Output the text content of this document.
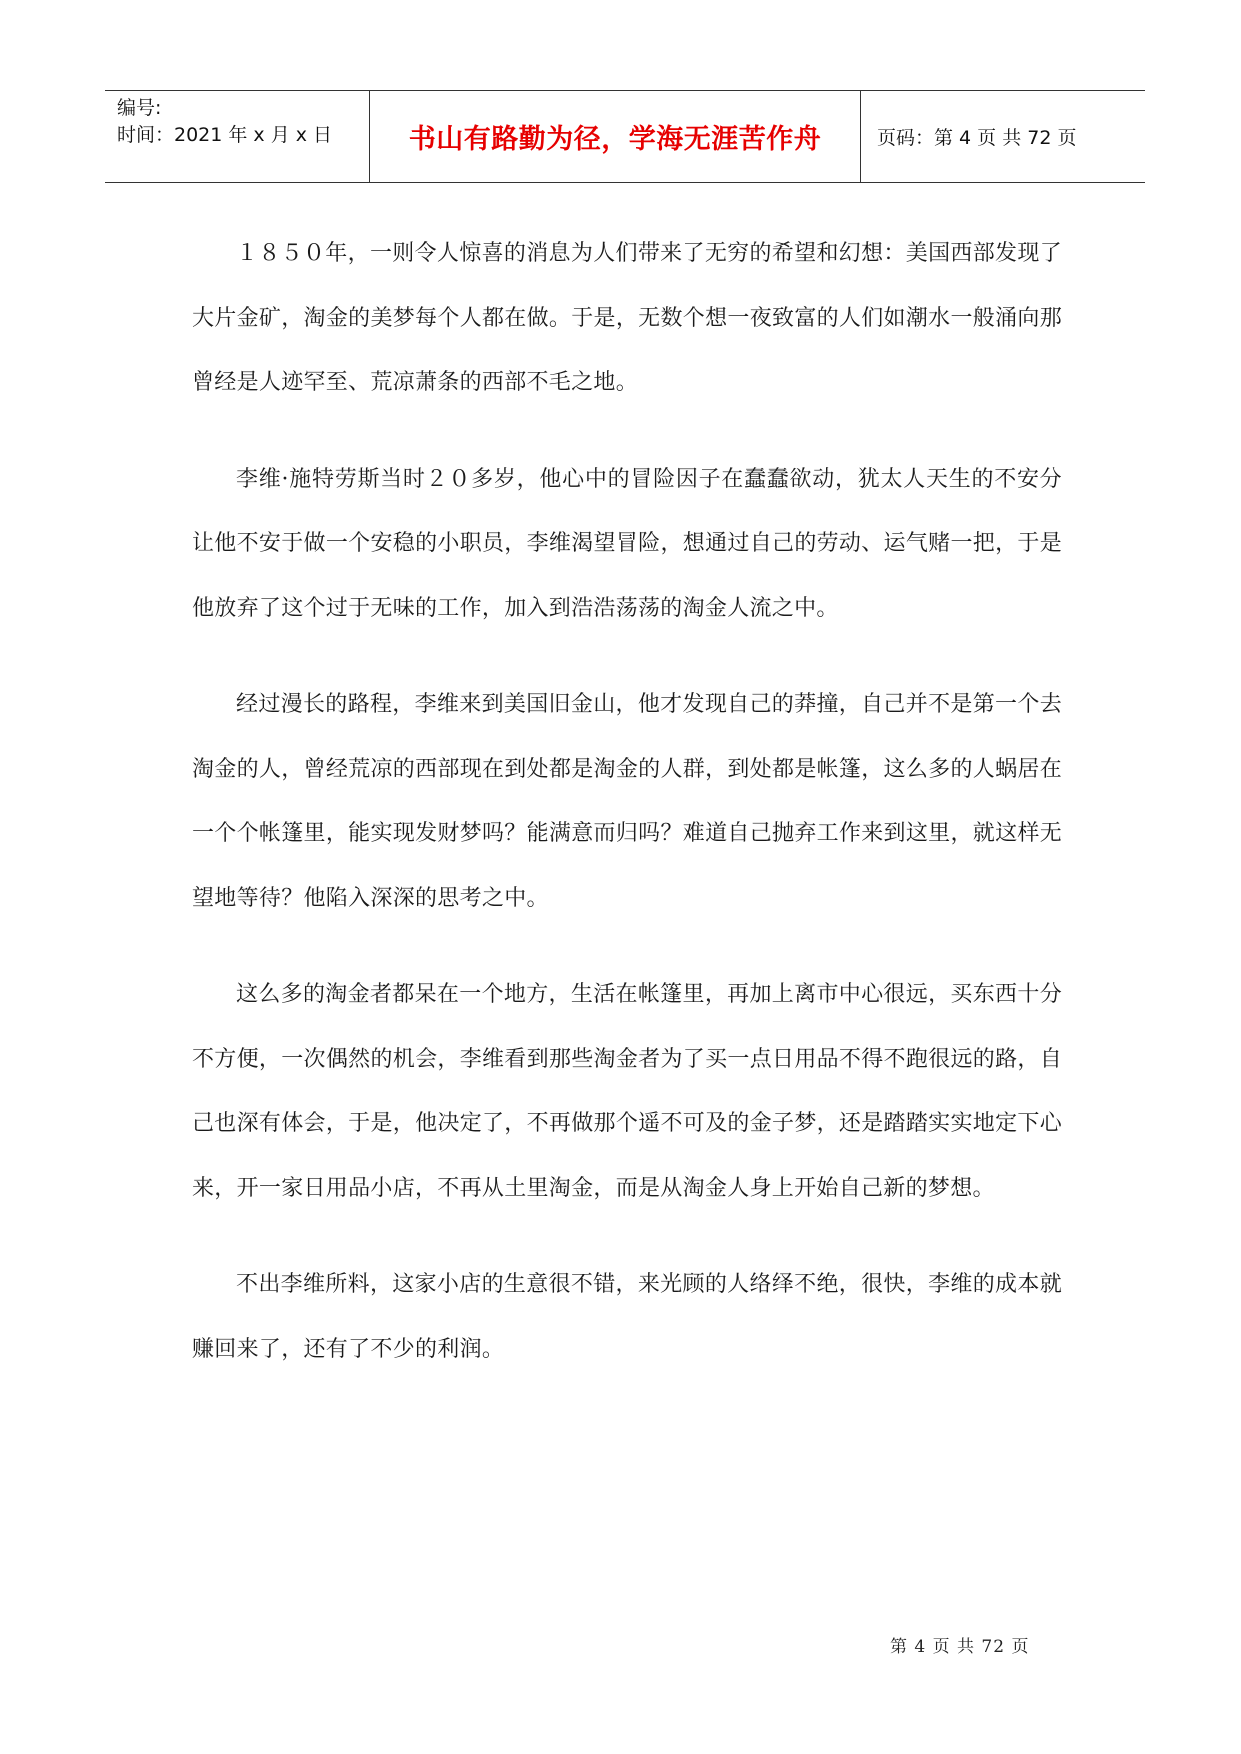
编号:
时间：2021 年 x 月 x 日	书山有路勤为径，学海无涯苦作舟	页码：第 4 页 共 72 页

１８５０年，一则令人惊喜的消息为人们带来了无穷的希望和幻想：美国西部发现了大片金矿，淘金的美梦每个人都在做。于是，无数个想一夜致富的人们如潮水一般涌向那曾经是人迹罕至、荒凉萧条的西部不毛之地。

李维·施特劳斯当时２０多岁，他心中的冒险因子在蠢蠢欲动，犹太人天生的不安分让他不安于做一个安稳的小职员，李维渴望冒险，想通过自己的劳动、运气赌一把，于是他放弃了这个过于无味的工作，加入到浩浩荡荡的淘金人流之中。

经过漫长的路程，李维来到美国旧金山，他才发现自己的莽撞，自己并不是第一个去淘金的人，曾经荒凉的西部现在到处都是淘金的人群，到处都是帐篷，这么多的人蜗居在一个个帐篷里，能实现发财梦吗？能满意而归吗？难道自己抛弃工作来到这里，就这样无望地等待？他陷入深深的思考之中。

这么多的淘金者都呆在一个地方，生活在帐篷里，再加上离市中心很远，买东西十分不方便，一次偶然的机会，李维看到那些淘金者为了买一点日用品不得不跑很远的路，自己也深有体会，于是，他决定了，不再做那个遥不可及的金子梦，还是踏踏实实地定下心来，开一家日用品小店，不再从土里淘金，而是从淘金人身上开始自己新的梦想。

不出李维所料，这家小店的生意很不错，来光顾的人络绎不绝，很快，李维的成本就赚回来了，还有了不少的利润。

第 4 页 共 72 页
